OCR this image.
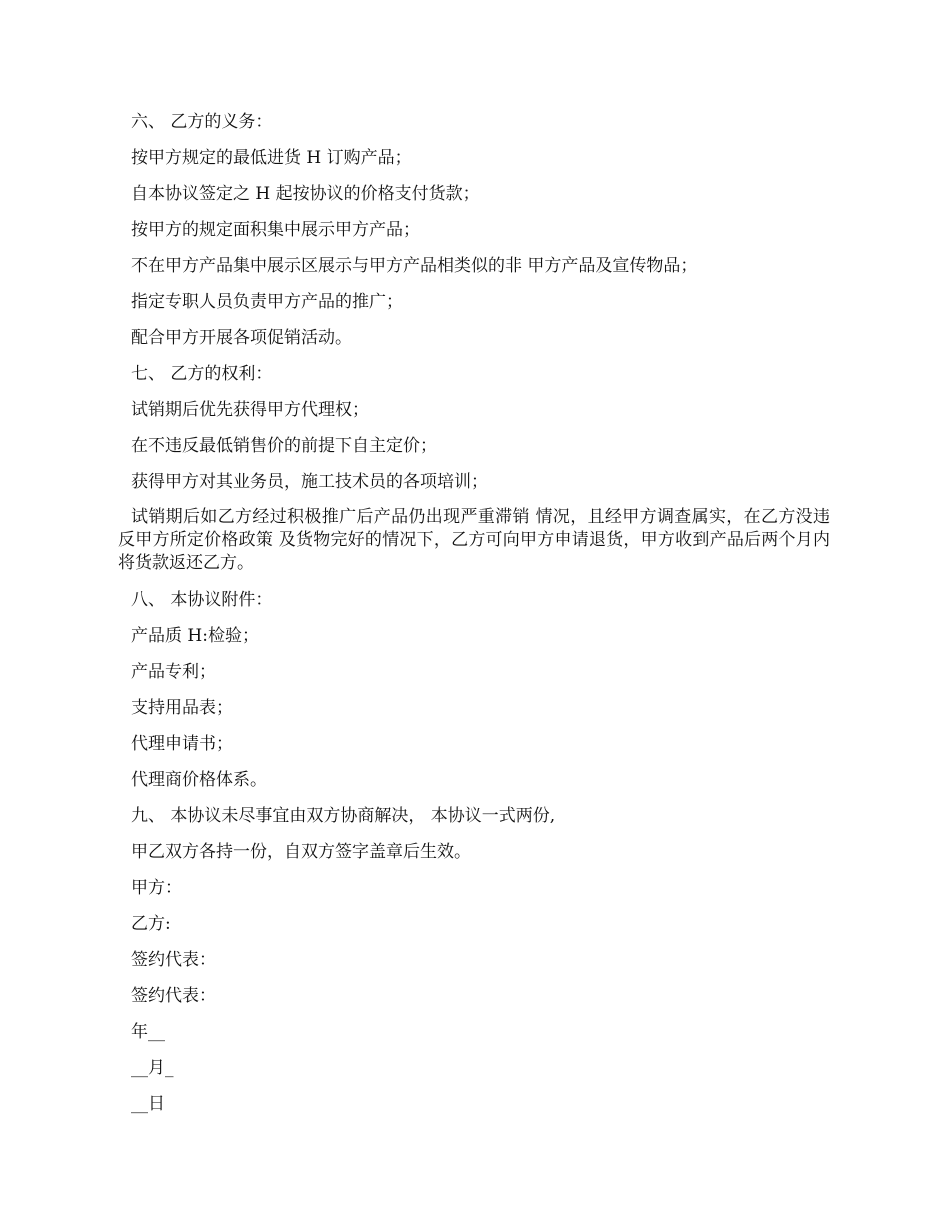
六、 乙方的义务：
按甲方规定的最低进货 H 订购产品；
自本协议签定之 H 起按协议的价格支付货款；
按甲方的规定面积集中展示甲方产品；
不在甲方产品集中展示区展示与甲方产品相类似的非 甲方产品及宣传物品；
指定专职人员负责甲方产品的推广；
配合甲方开展各项促销活动。
七、 乙方的权利：
试销期后优先获得甲方代理权；
在不违反最低销售价的前提下自主定价；
获得甲方对其业务员，施工技术员的各项培训；
试销期后如乙方经过积极推广后产品仍出现严重滞销 情况，且经甲方调查属实，在乙方没违反甲方所定价格政策 及货物完好的情况下，乙方可向甲方申请退货，甲方收到产品后两个月内将货款返还乙方。
八、 本协议附件：
产品质 H:检验；
产品专利；
支持用品表；
代理申请书；
代理商价格体系。
九、 本协议未尽事宜由双方协商解决， 本协议一式两份,
甲乙双方各持一份，自双方签字盖章后生效。
甲方：
乙方:
签约代表：
签约代表：
年__
__月_
__日
